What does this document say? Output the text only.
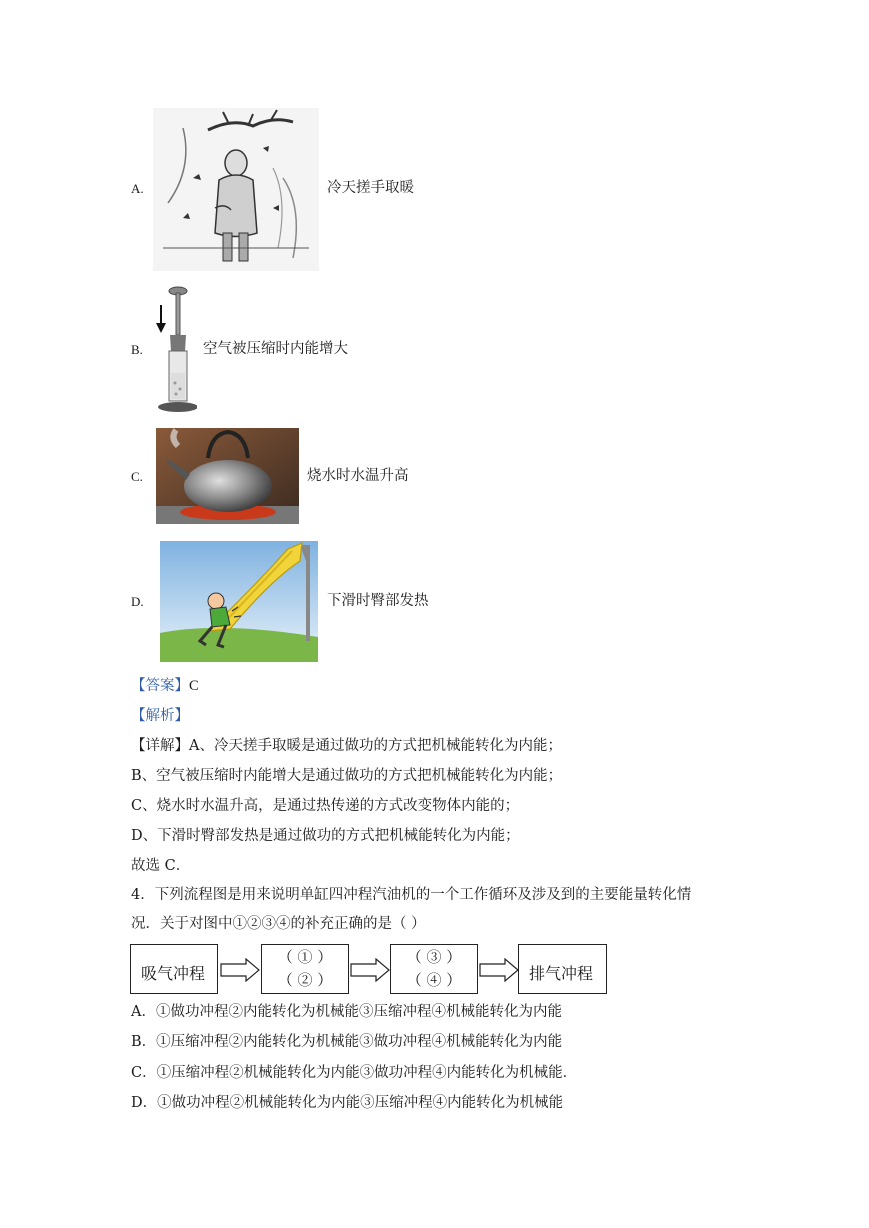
A.	冷天搓手取暖
B.	空气被压缩时内能增大
C.	烧水时水温升高
D.	下滑时臀部发热
【答案】C
【解析】
【详解】A、冷天搓手取暖是通过做功的方式把机械能转化为内能；
B、空气被压缩时内能增大是通过做功的方式把机械能转化为内能；
C、烧水时水温升高，是通过热传递的方式改变物体内能的；
D、下滑时臀部发热是通过做功的方式把机械能转化为内能；
故选 C．
4．下列流程图是用来说明单缸四冲程汽油机的一个工作循环及涉及到的主要能量转化情
况．关于对图中①②③④的补充正确的是（ ）
吸气冲程
（ ① ）
（ ② ）
（ ③ ）
（ ④ ）	排气冲程
A．①做功冲程②内能转化为机械能③压缩冲程④机械能转化为内能
B．①压缩冲程②内能转化为机械能③做功冲程④机械能转化为内能
C．①压缩冲程②机械能转化为内能③做功冲程④内能转化为机械能．
D．①做功冲程②机械能转化为内能③压缩冲程④内能转化为机械能
